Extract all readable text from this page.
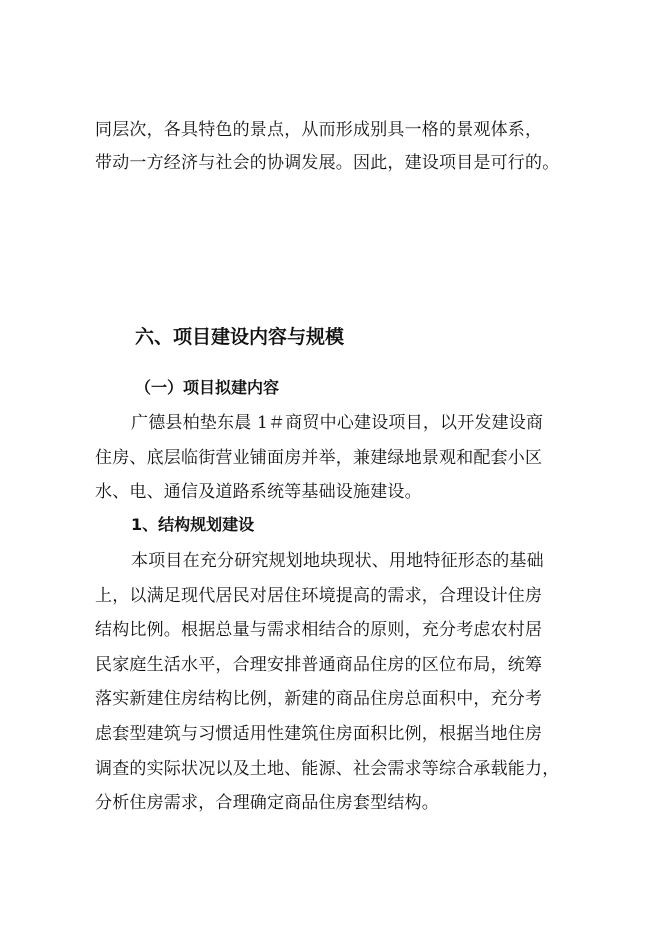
同层次，各具特色的景点，从而形成别具一格的景观体系，
带动一方经济与社会的协调发展。因此，建设项目是可行的。
六、项目建设内容与规模
（一）项目拟建内容
广德县柏垫东晨 1＃商贸中心建设项目，以开发建设商
住房、底层临街营业铺面房并举，兼建绿地景观和配套小区
水、电、通信及道路系统等基础设施建设。
1、结构规划建设
本项目在充分研究规划地块现状、用地特征形态的基础
上，以满足现代居民对居住环境提高的需求，合理设计住房
结构比例。根据总量与需求相结合的原则，充分考虑农村居
民家庭生活水平，合理安排普通商品住房的区位布局，统筹
落实新建住房结构比例，新建的商品住房总面积中，充分考
虑套型建筑与习惯适用性建筑住房面积比例，根据当地住房
调查的实际状况以及土地、能源、社会需求等综合承载能力，
分析住房需求，合理确定商品住房套型结构。
